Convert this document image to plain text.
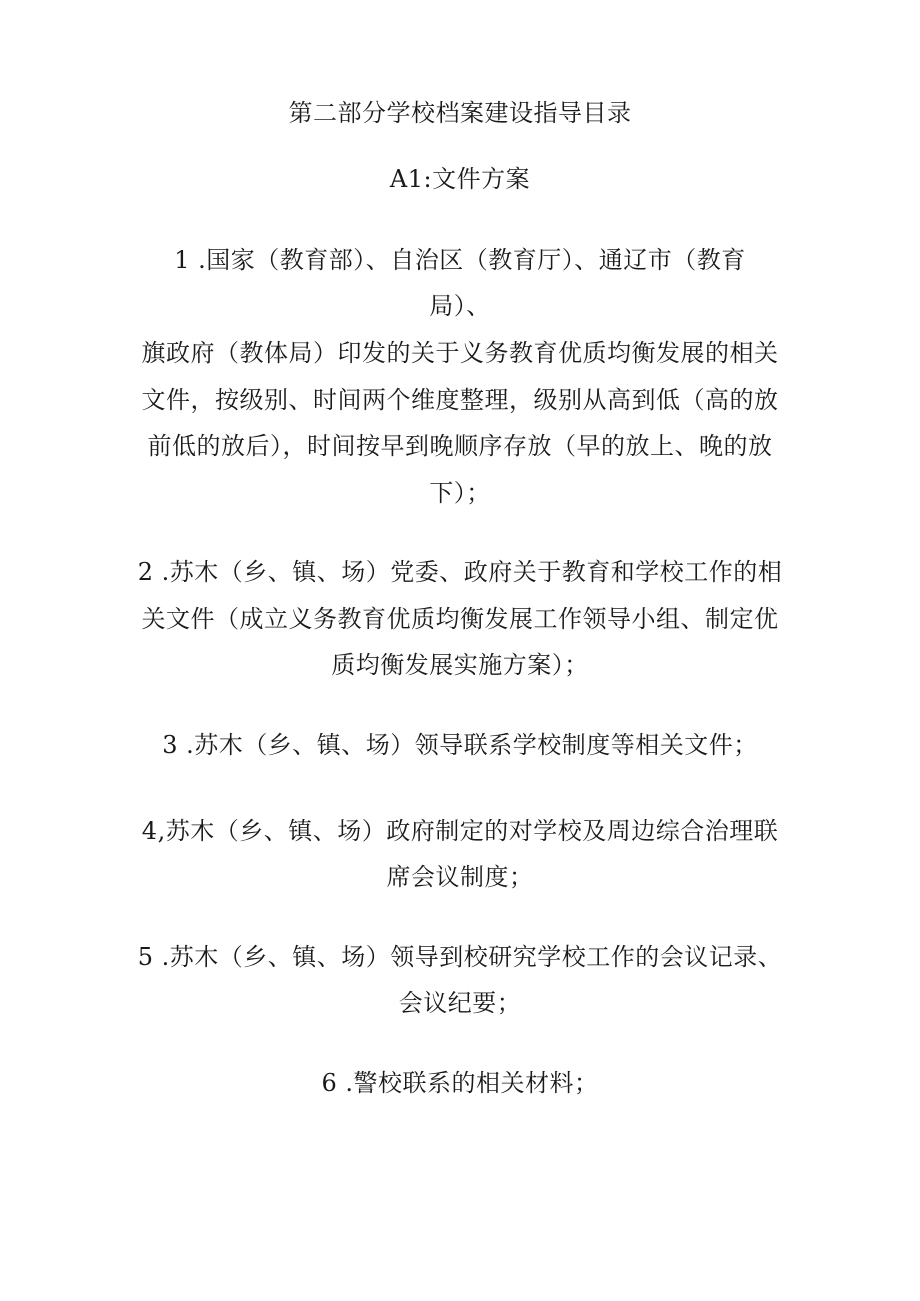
第二部分学校档案建设指导目录
A1:文件方案
1 .国家（教育部）、自治区（教育厅）、通辽市（教育
局）、
旗政府（教体局）印发的关于义务教育优质均衡发展的相关
文件，按级别、时间两个维度整理，级别从高到低（高的放
前低的放后），时间按早到晚顺序存放（早的放上、晚的放
下）；
2 .苏木（乡、镇、场）党委、政府关于教育和学校工作的相
关文件（成立义务教育优质均衡发展工作领导小组、制定优
质均衡发展实施方案）；
3 .苏木（乡、镇、场）领导联系学校制度等相关文件；
4,苏木（乡、镇、场）政府制定的对学校及周边综合治理联
席会议制度；
5 .苏木（乡、镇、场）领导到校研究学校工作的会议记录、
会议纪要；
6 .警校联系的相关材料；
